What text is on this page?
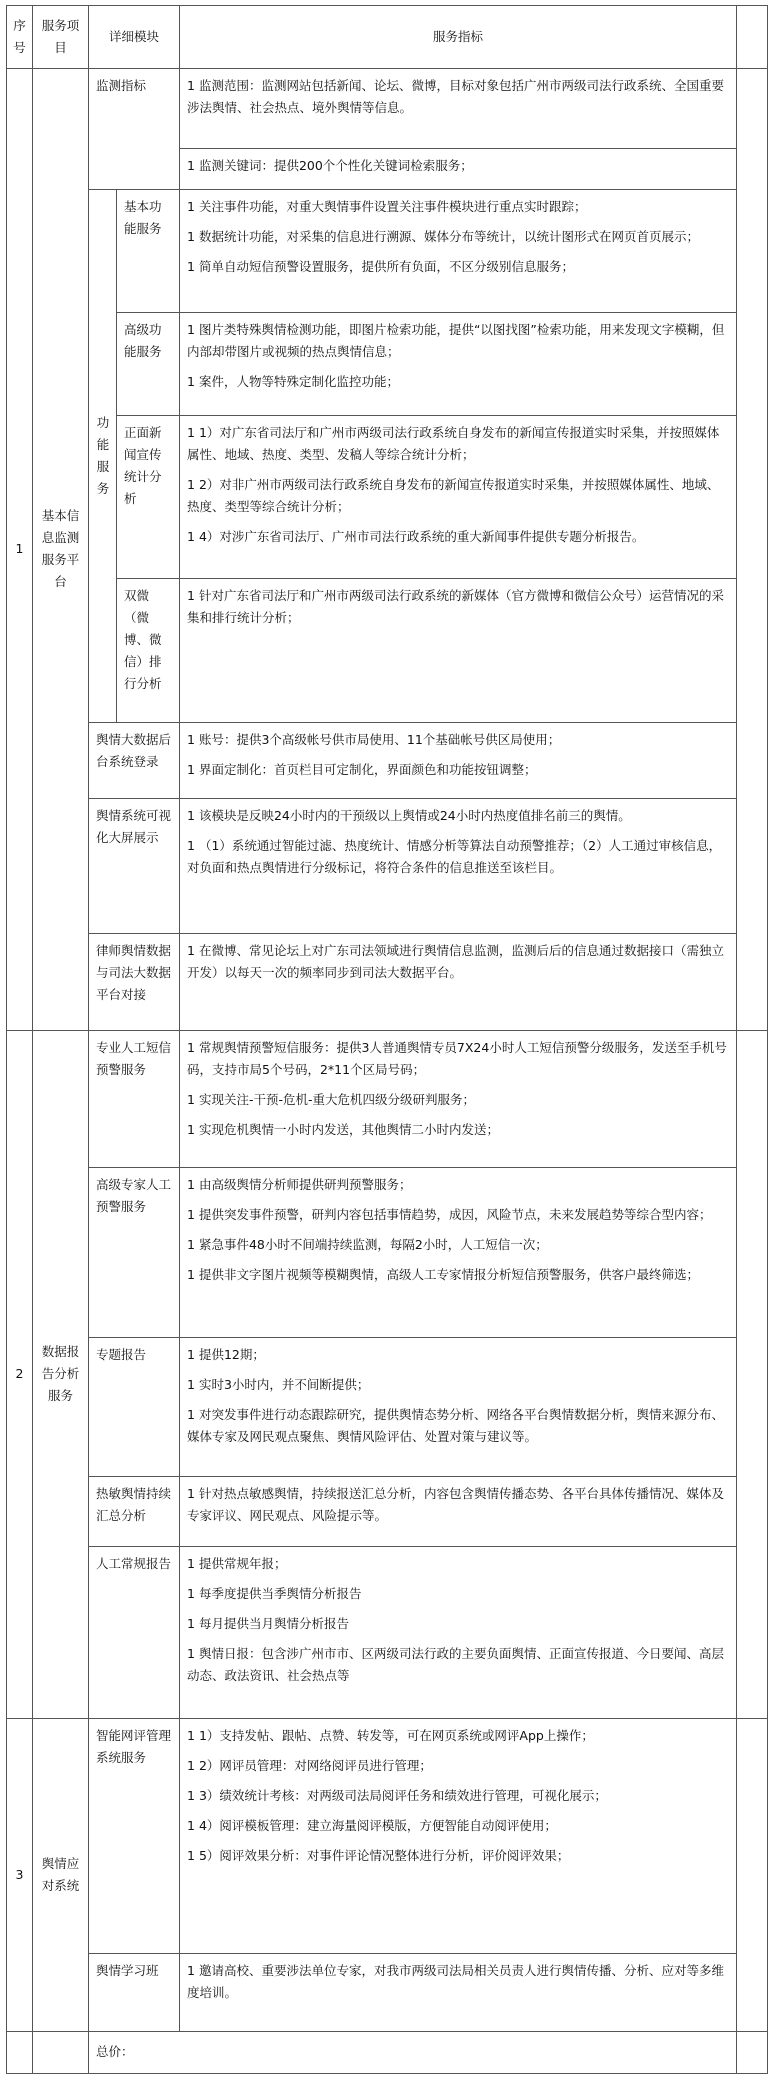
序号	服务项目	详细模块		服务指标	
1	基本信息监测服务平台	监测指标		1 监测范围：监测网站包括新闻、论坛、微博，目标对象包括广州市两级司法行政系统、全国重要涉法舆情、社会热点、境外舆情等信息。	

				1 监测关键词：提供200个个性化关键词检索服务；	

		功能服务	基本功能服务	1 关注事件功能，对重大舆情事件设置关注事件模块进行重点实时跟踪；
1 数据统计功能，对采集的信息进行溯源、媒体分布等统计，以统计图形式在网页首页展示；
1 简单自动短信预警设置服务，提供所有负面，不区分级别信息服务；	

			高级功能服务	1 图片类特殊舆情检测功能，即图片检索功能，提供“以图找图”检索功能，用来发现文字模糊，但内部却带图片或视频的热点舆情信息；
1 案件，人物等特殊定制化监控功能；	

			正面新闻宣传统计分析	1 1）对广东省司法厅和广州市两级司法行政系统自身发布的新闻宣传报道实时采集，并按照媒体属性、地域、热度、类型、发稿人等综合统计分析；
1 2）对非广州市两级司法行政系统自身发布的新闻宣传报道实时采集，并按照媒体属性、地域、热度、类型等综合统计分析；
1 4）对涉广东省司法厅、广州市司法行政系统的重大新闻事件提供专题分析报告。	

			双微（微博、微信）排行分析	1 针对广东省司法厅和广州市两级司法行政系统的新媒体（官方微博和微信公众号）运营情况的采集和排行统计分析；	

		舆情大数据后台系统登录		1 账号：提供3个高级帐号供市局使用、11个基础帐号供区局使用；
1 界面定制化：首页栏目可定制化，界面颜色和功能按钮调整；	

		舆情系统可视化大屏展示		1 该模块是反映24小时内的干预级以上舆情或24小时内热度值排名前三的舆情。
1 （1）系统通过智能过滤、热度统计、情感分析等算法自动预警推荐；（2）人工通过审核信息，对负面和热点舆情进行分级标记，将符合条件的信息推送至该栏目。	

		律师舆情数据与司法大数据平台对接		1 在微博、常见论坛上对广东司法领域进行舆情信息监测，监测后后的信息通过数据接口（需独立开发）以每天一次的频率同步到司法大数据平台。	

2	数据报告分析服务	专业人工短信预警服务		1 常规舆情预警短信服务：提供3人普通舆情专员7X24小时人工短信预警分级服务，发送至手机号码，支持市局5个号码，2*11个区局号码；
1 实现关注-干预-危机-重大危机四级分级研判服务；
1 实现危机舆情一小时内发送，其他舆情二小时内发送；	

		高级专家人工预警服务		1 由高级舆情分析师提供研判预警服务；
1 提供突发事件预警，研判内容包括事情趋势，成因，风险节点，未来发展趋势等综合型内容；
1 紧急事件48小时不间端持续监测，每隔2小时，人工短信一次；
1 提供非文字图片视频等模糊舆情，高级人工专家情报分析短信预警服务，供客户最终筛选；	

		专题报告		1 提供12期；
1 实时3小时内，并不间断提供；
1 对突发事件进行动态跟踪研究，提供舆情态势分析、网络各平台舆情数据分析，舆情来源分布、媒体专家及网民观点聚焦、舆情风险评估、处置对策与建议等。	

		热敏舆情持续汇总分析		1 针对热点敏感舆情，持续报送汇总分析，内容包含舆情传播态势、各平台具体传播情况、媒体及专家评议、网民观点、风险提示等。	

		人工常规报告		1 提供常规年报；
1 每季度提供当季舆情分析报告
1 每月提供当月舆情分析报告
1 舆情日报：包含涉广州市市、区两级司法行政的主要负面舆情、正面宣传报道、今日要闻、高层动态、政法资讯、社会热点等	

3	舆情应对系统	智能网评管理系统服务		1 1）支持发帖、跟帖、点赞、转发等，可在网页系统或网评App上操作；
1 2）网评员管理：对网络阅评员进行管理；
1 3）绩效统计考核：对两级司法局阅评任务和绩效进行管理，可视化展示；
1 4）阅评模板管理：建立海量阅评模版，方便智能自动阅评使用；
1 5）阅评效果分析：对事件评论情况整体进行分析，评价阅评效果；	

		舆情学习班		1 邀请高校、重要涉法单位专家，对我市两级司法局相关员责人进行舆情传播、分析、应对等多维度培训。	

		总价：			
